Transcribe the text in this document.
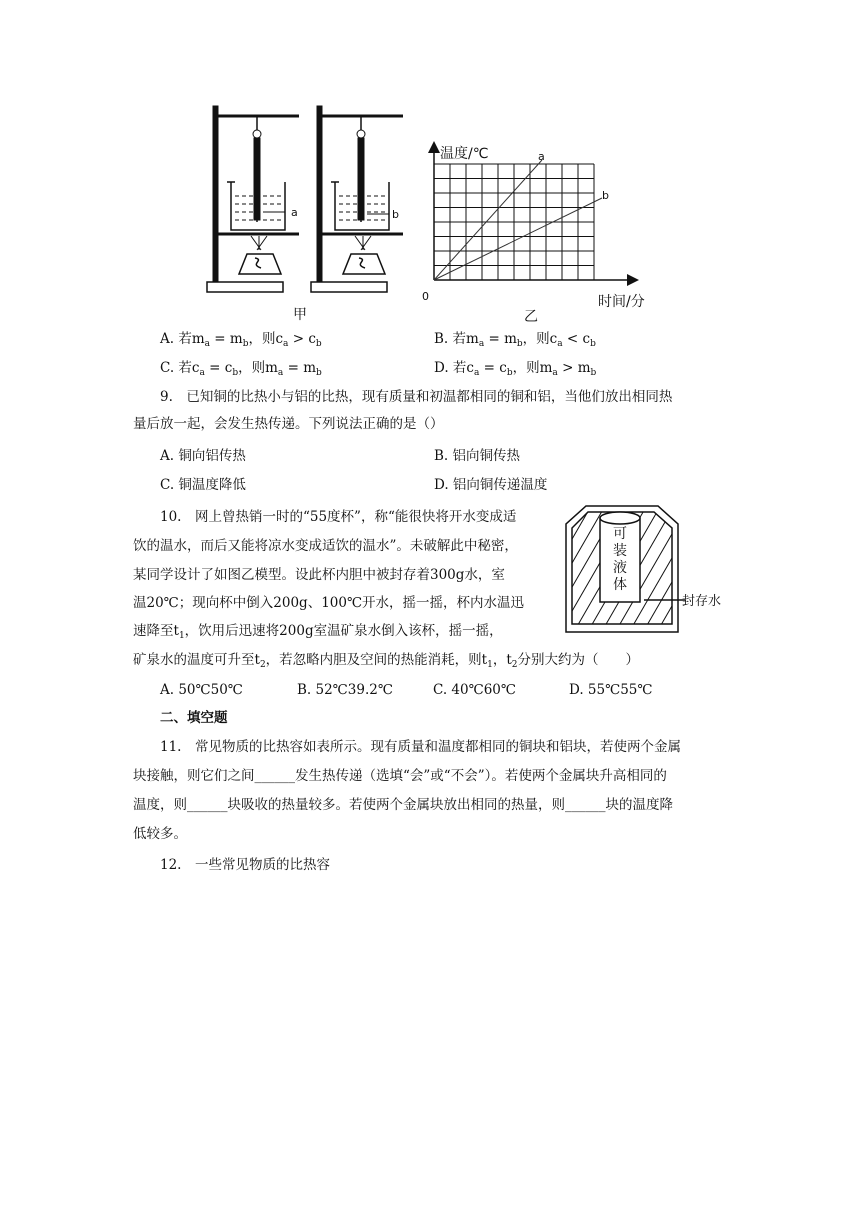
a	b
甲
a
b
温度/℃
0	时间/分
乙
A. 若$m_a = m_b$，则$c_a > c_b$	B. 若$m_a = m_b$，则$c_a < c_b$
C. 若$c_a = c_b$，则$m_a = m_b$	D. 若$c_a = c_b$，则$m_a > m_b$
9.　已知铜的比热小与铝的比热，现有质量和初温都相同的铜和铝，当他们放出相同热
量后放一起，会发生热传递。下列说法正确的是（）
A. 铜向铝传热	B. 铝向铜传热
C. 铜温度降低	D. 铝向铜传递温度
10.　网上曾热销一时的“55度杯”，称“能很快将开水变成适
饮的温水，而后又能将凉水变成适饮的温水”。未破解此中秘密，
某同学设计了如图乙模型。设此杯内胆中被封存着300g水，室
温20℃；现向杯中倒入200g、100℃开水，摇一摇，杯内水温迅
速降至$t_1$，饮用后迅速将200g室温矿泉水倒入该杯，摇一摇，
矿泉水的温度可升至$t_2$，若忽略内胆及空间的热能消耗，则$t_1$，$t_2$分别大约为（　　）
封存水
可装液体
A. 50℃50℃	B. 52℃39.2℃	C. 40℃60℃	D. 55℃55℃
二、填空题
11.　常见物质的比热容如表所示。现有质量和温度都相同的铜块和铝块，若使两个金属
块接触，则它们之间______发生热传递（选填“会”或“不会”）。若使两个金属块升高相同的
温度，则______块吸收的热量较多。若使两个金属块放出相同的热量，则______块的温度降
低较多。
12.　一些常见物质的比热容
